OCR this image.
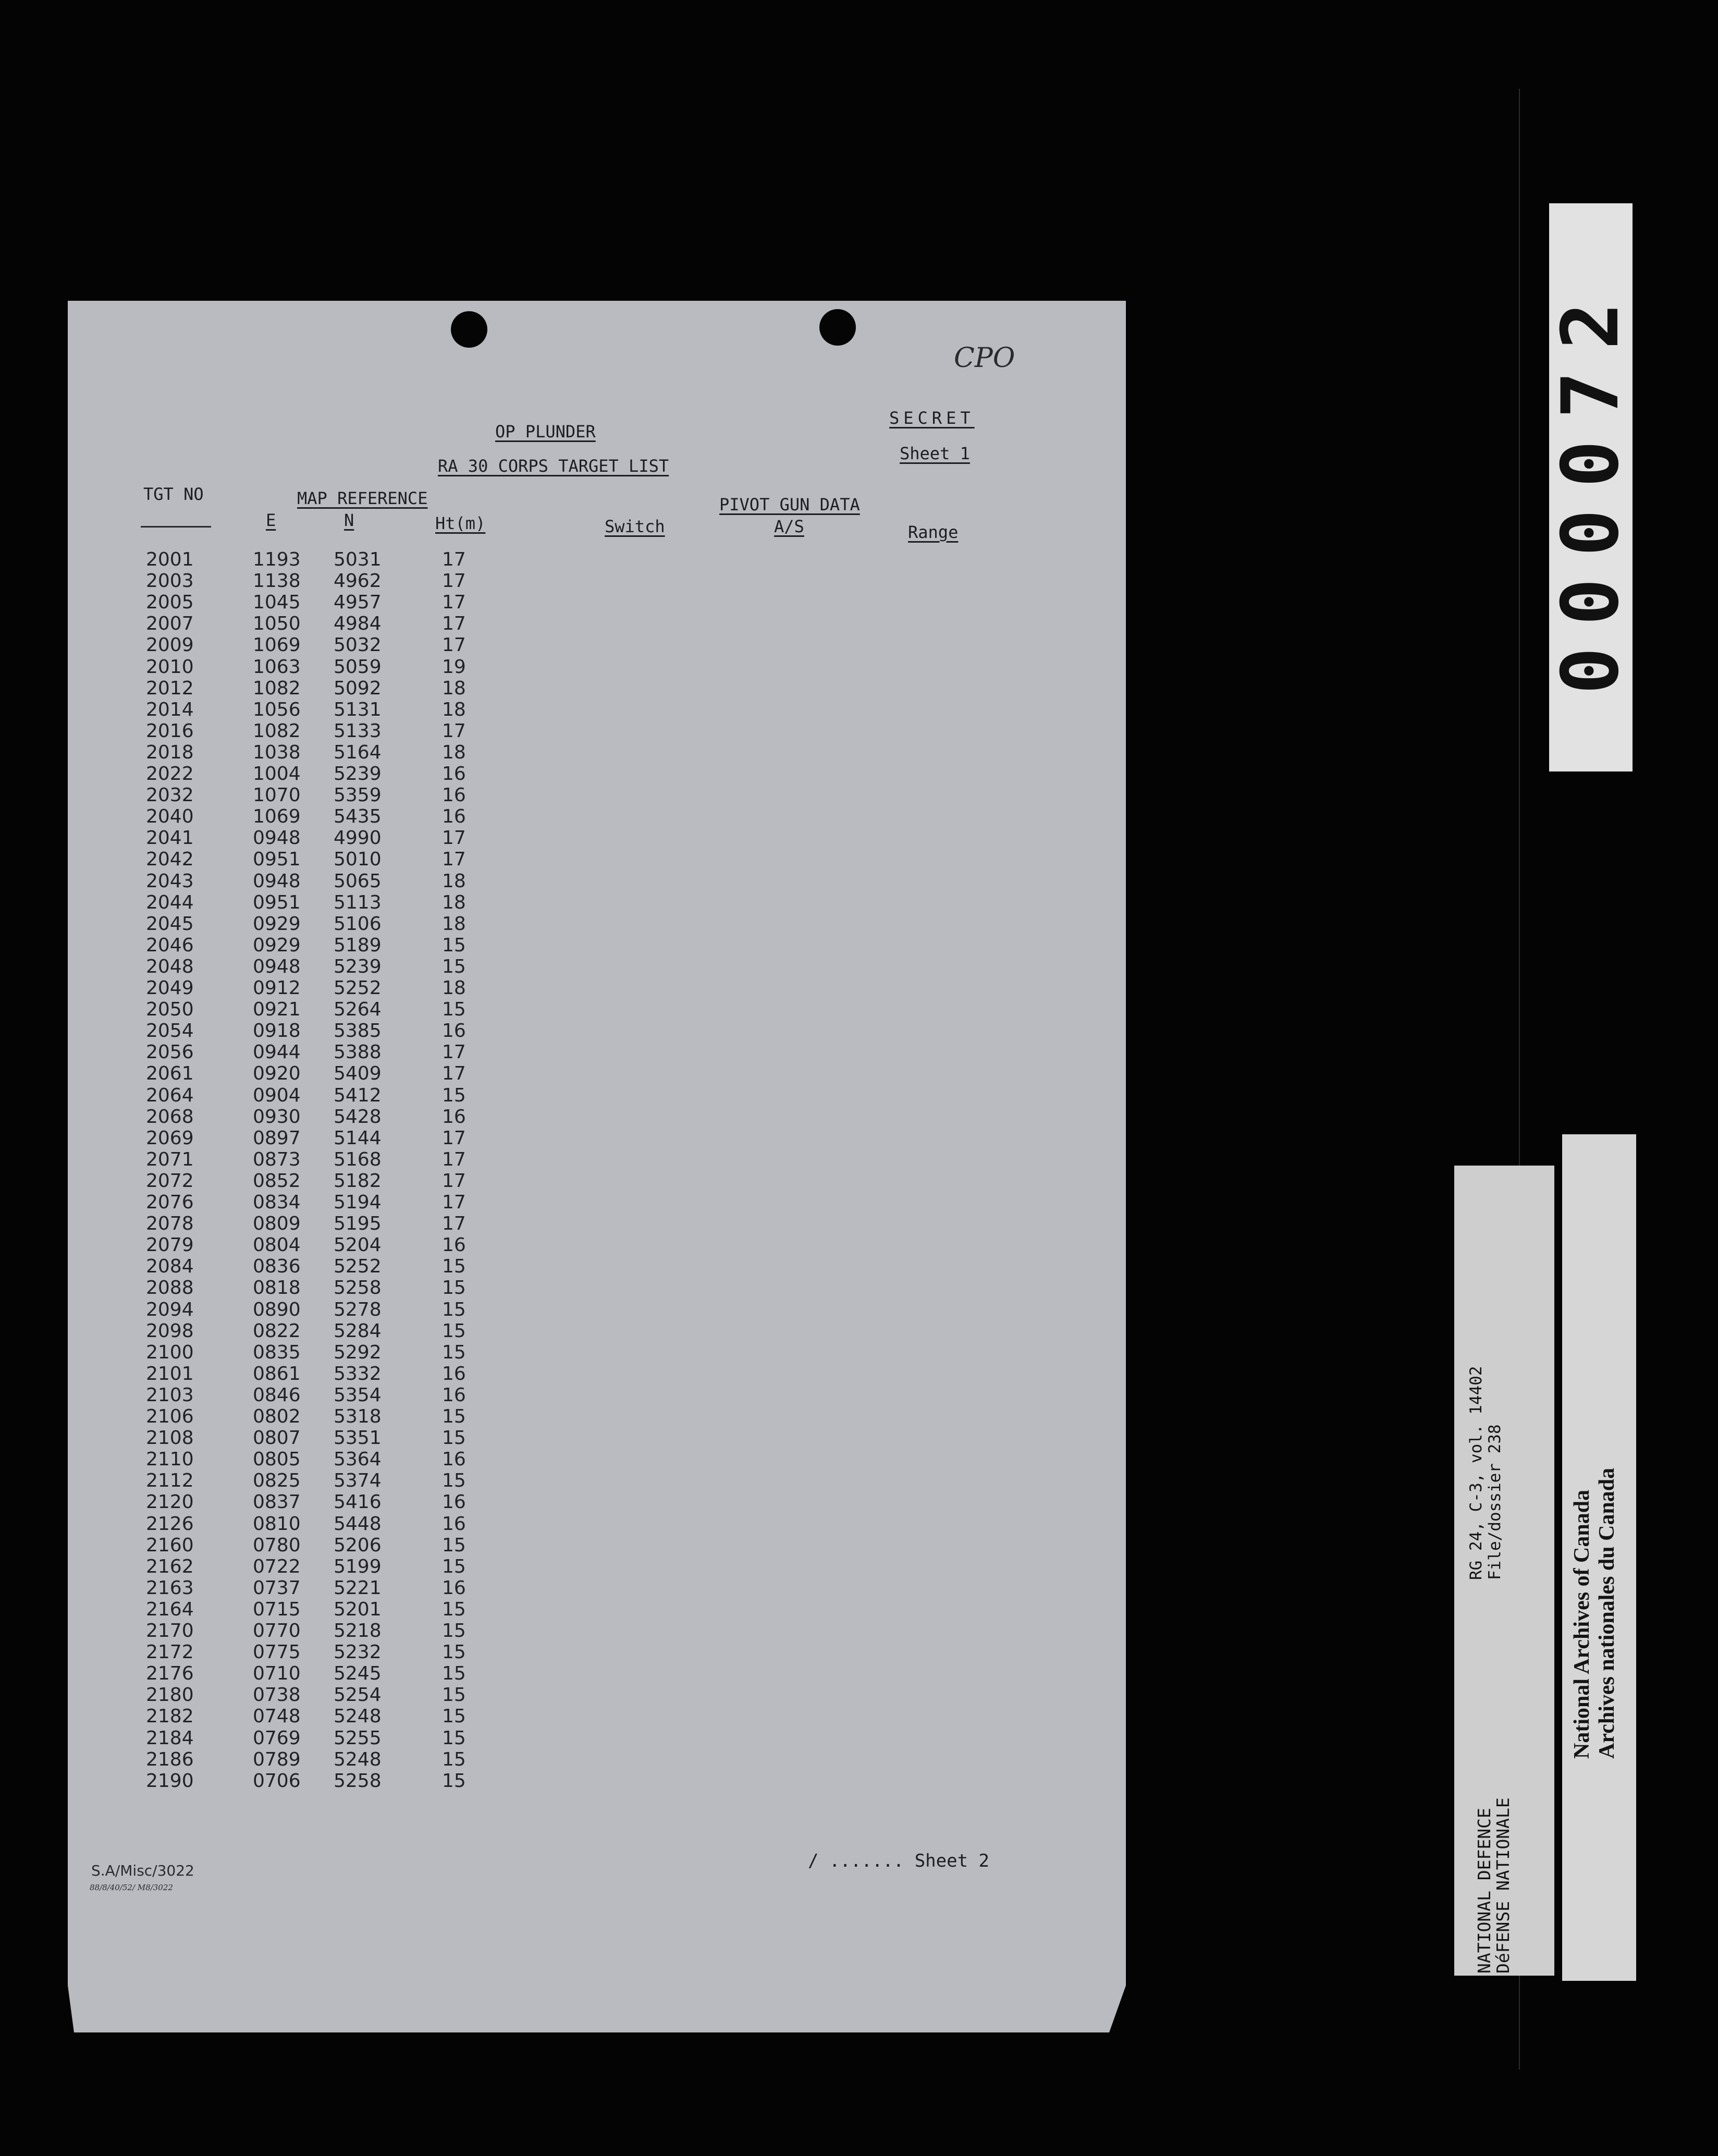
CPO
OP PLUNDER
RA 30 CORPS TARGET LIST
SECRET
Sheet 1
TGT NO	MAP REFERENCE
E	N	Ht(m)	Switch
PIVOT GUN DATA
A/S	Range
2001	1193 5031	17
2003	1138 4962	17
2005	1045 4957	17
2007	1050 4984	17
2009	1069 5032	17
2010	1063 5059	19
2012	1082 5092	18
2014	1056 5131	18
2016	1082 5133	17
2018	1038 5164	18
2022	1004 5239	16
2032	1070 5359	16
2040	1069 5435	16
2041	0948 4990	17
2042	0951 5010	17
2043	0948 5065	18
2044	0951 5113	18
2045	0929 5106	18
2046	0929 5189	15
2048	0948 5239	15
2049	0912 5252	18
2050	0921 5264	15
2054	0918 5385	16
2056	0944 5388	17
2061	0920 5409	17
2064	0904 5412	15
2068	0930 5428	16
2069	0897 5144	17
2071	0873 5168	17
2072	0852 5182	17
2076	0834 5194	17
2078	0809 5195	17
2079	0804 5204	16
2084	0836 5252	15
2088	0818 5258	15
2094	0890 5278	15
2098	0822 5284	15
2100	0835 5292	15
2101	0861 5332	16
2103	0846 5354	16
2106	0802 5318	15
2108	0807 5351	15
2110	0805 5364	16
2112	0825 5374	15
2120	0837 5416	16
2126	0810 5448	16
2160	0780 5206	15
2162	0722 5199	15
2163	0737 5221	16
2164	0715 5201	15
2170	0770 5218	15
2172	0775 5232	15
2176	0710 5245	15
2180	0738 5254	15
2182	0748 5248	15
2184	0769 5255	15
2186	0789 5248	15
2190	0706 5258	15
/ ....... Sheet 2
S.A/Misc/3022
88/8/40/52/ M8/3022
000072
RG 24, C-3, vol. 14402 File/dossier 238
NATIONAL DEFENCE
DéFENSE NATIONALE
National Archives of Canada Archives nationales du Canada
